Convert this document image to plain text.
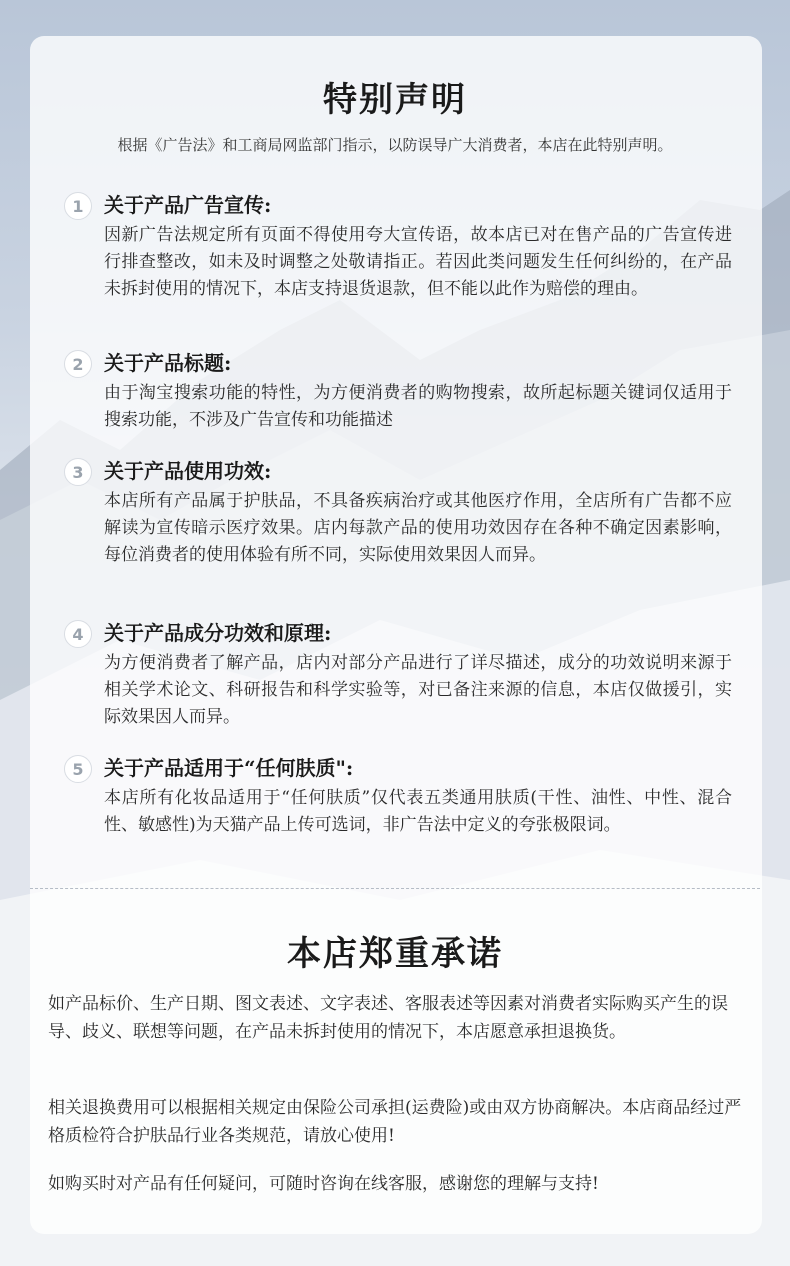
特别声明
根据《广告法》和工商局网监部门指示，以防误导广大消费者，本店在此特别声明。
1	关于产品广告宣传:
因新广告法规定所有页面不得使用夸大宣传语，故本店已对在售产品的广告宣传进行排查整改，如未及时调整之处敬请指正。若因此类问题发生任何纠纷的，在产品未拆封使用的情况下，本店支持退货退款，但不能以此作为赔偿的理由。
2	关于产品标题:
由于淘宝搜索功能的特性，为方便消费者的购物搜索，故所起标题关键词仅适用于搜索功能，不涉及广告宣传和功能描述
3	关于产品使用功效:
本店所有产品属于护肤品，不具备疾病治疗或其他医疗作用，全店所有广告都不应解读为宣传暗示医疗效果。店内每款产品的使用功效因存在各种不确定因素影响，每位消费者的使用体验有所不同，实际使用效果因人而异。
4	关于产品成分功效和原理:
为方便消费者了解产品，店内对部分产品进行了详尽描述，成分的功效说明来源于相关学术论文、科研报告和科学实验等，对已备注来源的信息，本店仅做援引，实际效果因人而异。
5	关于产品适用于“任何肤质":
本店所有化妆品适用于“任何肤质”仅代表五类通用肤质(干性、油性、中性、混合性、敏感性)为天猫产品上传可选词，非广告法中定义的夸张极限词。
本店郑重承诺
如产品标价、生产日期、图文表述、文字表述、客服表述等因素对消费者实际购买产生的误导、歧义、联想等问题，在产品未拆封使用的情况下，本店愿意承担退换货。
相关退换费用可以根据相关规定由保险公司承担(运费险)或由双方协商解决。本店商品经过严格质检符合护肤品行业各类规范，请放心使用!
如购买时对产品有任何疑问，可随时咨询在线客服，感谢您的理解与支持!
